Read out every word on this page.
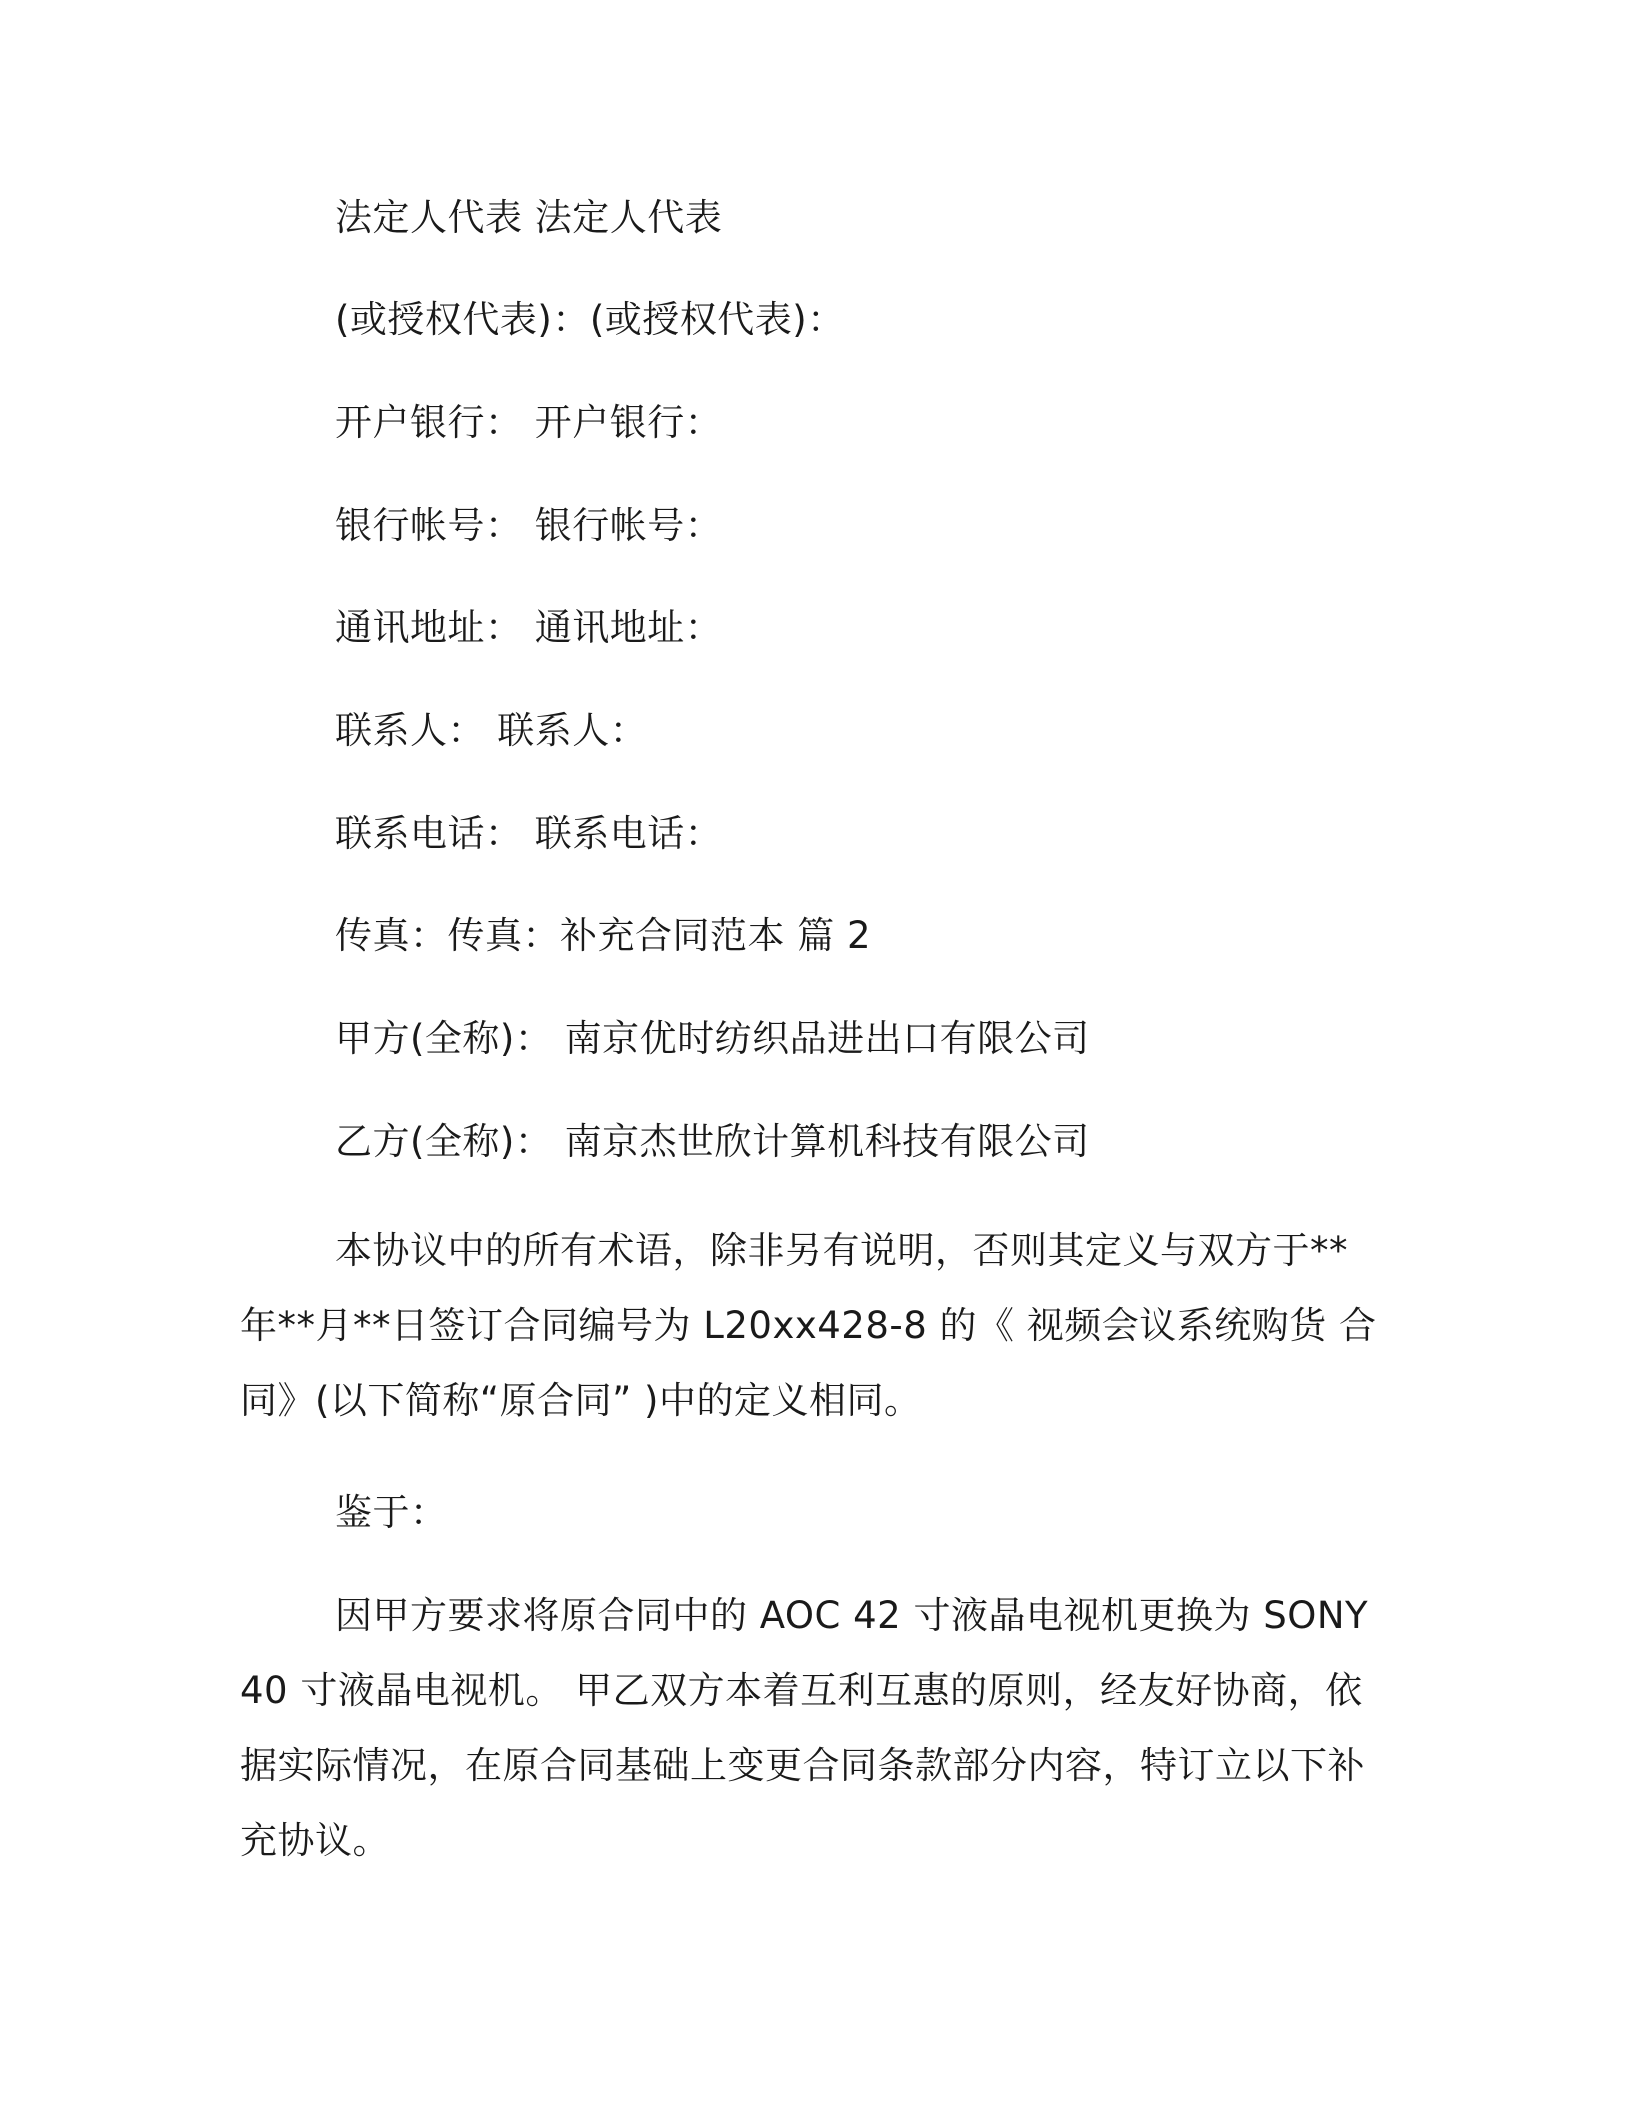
法定人代表 法定人代表
(或授权代表)：(或授权代表)：
开户银行： 开户银行：
银行帐号： 银行帐号：
通讯地址： 通讯地址：
联系人： 联系人：
联系电话： 联系电话：
传真：传真：补充合同范本 篇 2
甲方(全称)： 南京优时纺织品进出口有限公司
乙方(全称)： 南京杰世欣计算机科技有限公司
本协议中的所有术语，除非另有说明，否则其定义与双方于**年**月**日签订合同编号为 L20xx428-8 的《 视频会议系统购货 合同》(以下简称“原合同” )中的定义相同。
鉴于：
因甲方要求将原合同中的 AOC 42 寸液晶电视机更换为 SONY 40 寸液晶电视机。 甲乙双方本着互利互惠的原则，经友好协商，依据实际情况，在原合同基础上变更合同条款部分内容，特订立以下补充协议。
